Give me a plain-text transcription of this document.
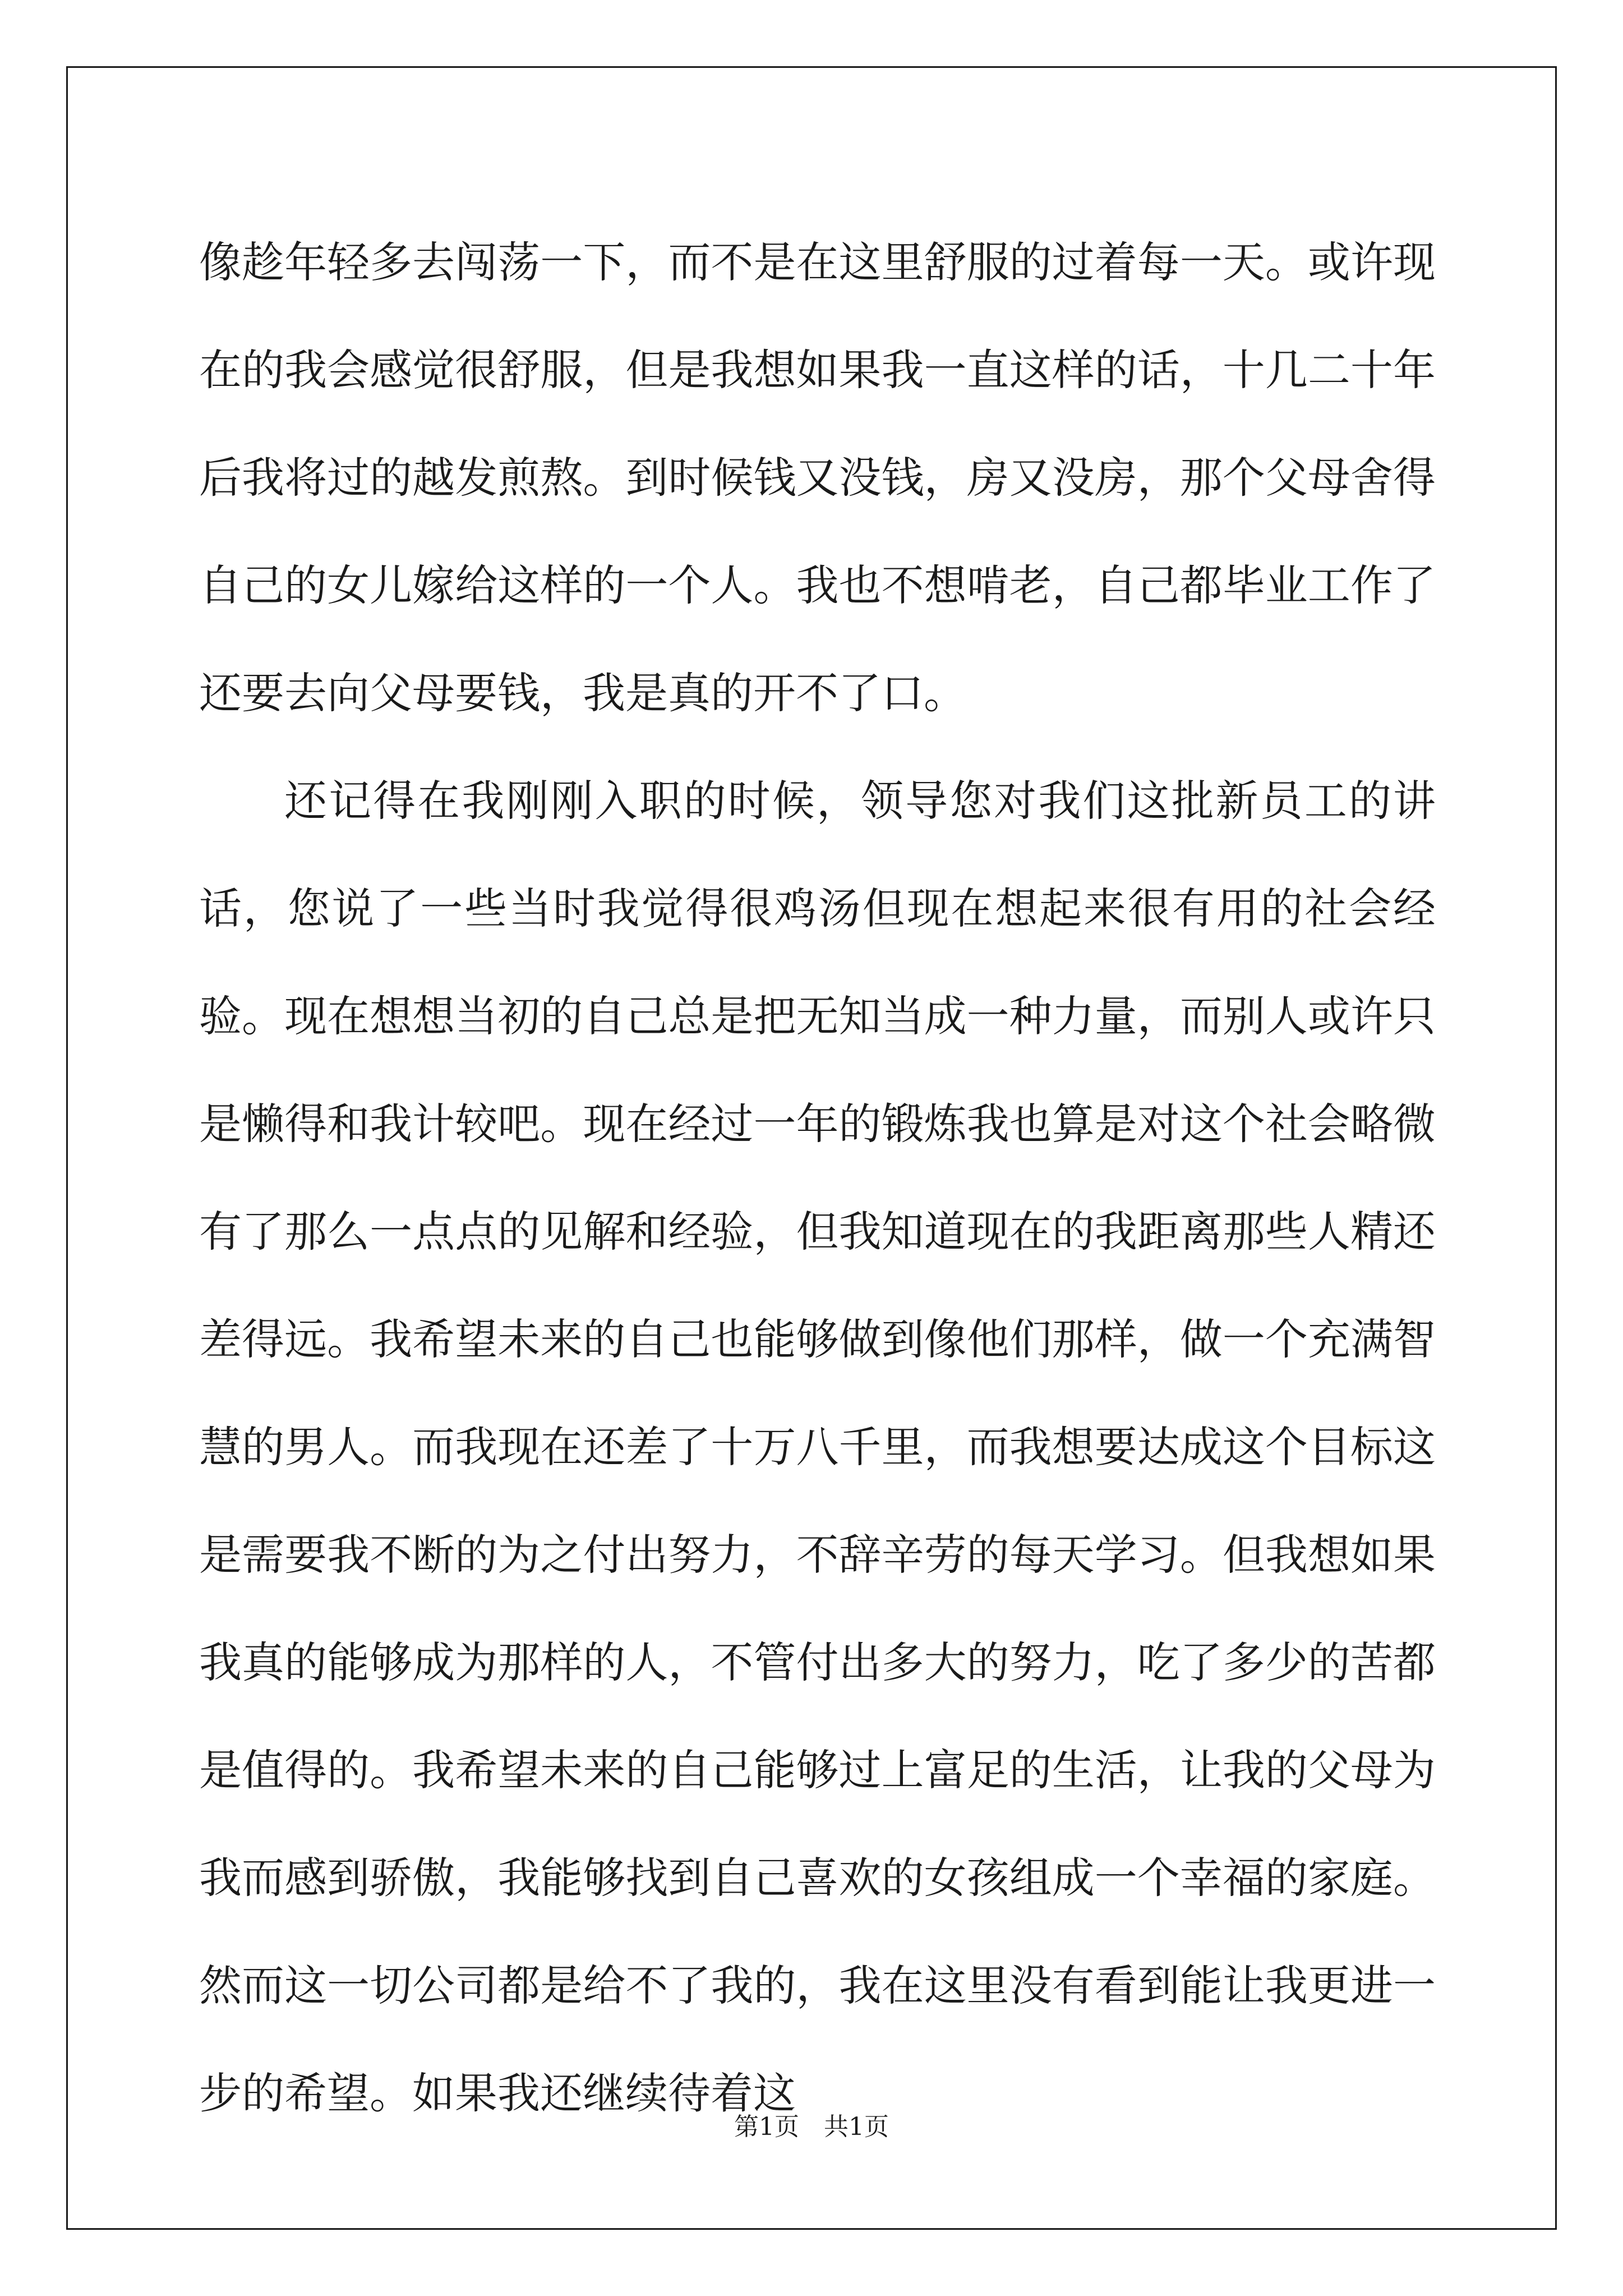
像趁年轻多去闯荡一下，而不是在这里舒服的过着每一天。或许现在的我会感觉很舒服，但是我想如果我一直这样的话，十几二十年后我将过的越发煎熬。到时候钱又没钱，房又没房，那个父母舍得自己的女儿嫁给这样的一个人。我也不想啃老，自己都毕业工作了还要去向父母要钱，我是真的开不了口。

还记得在我刚刚入职的时候，领导您对我们这批新员工的讲话，您说了一些当时我觉得很鸡汤但现在想起来很有用的社会经验。现在想想当初的自己总是把无知当成一种力量，而别人或许只是懒得和我计较吧。现在经过一年的锻炼我也算是对这个社会略微有了那么一点点的见解和经验，但我知道现在的我距离那些人精还差得远。我希望未来的自己也能够做到像他们那样，做一个充满智慧的男人。而我现在还差了十万八千里，而我想要达成这个目标这是需要我不断的为之付出努力，不辞辛劳的每天学习。但我想如果我真的能够成为那样的人，不管付出多大的努力，吃了多少的苦都是值得的。我希望未来的自己能够过上富足的生活，让我的父母为我而感到骄傲，我能够找到自己喜欢的女孩组成一个幸福的家庭。然而这一切公司都是给不了我的，我在这里没有看到能让我更进一步的希望。如果我还继续待着这

第1页　共1页
